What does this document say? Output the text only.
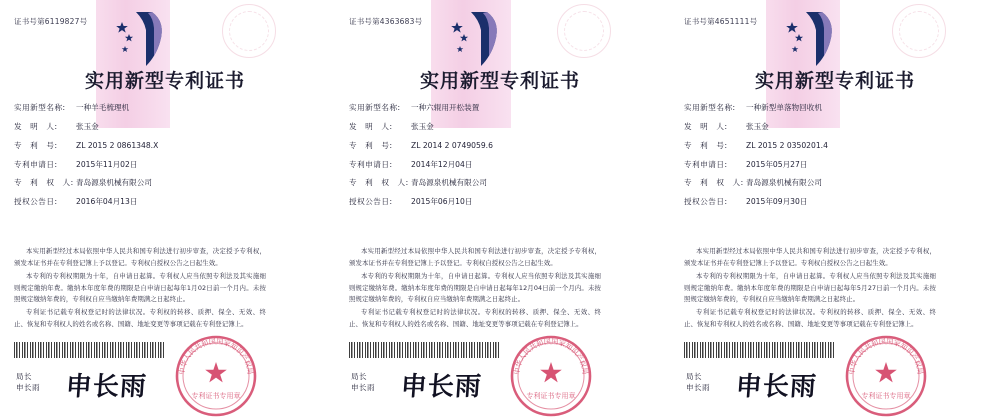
证书号第6119827号
实用新型专利证书
实用新型名称:	一种羊毛梳理机
发　明　人:	张玉金
专　利　号:	ZL 2015 2 0861348.X
专利申请日:	2015年11月02日
专　利　权　人: 青岛源泉机械有限公司
授权公告日:	2016年04月13日

本实用新型经过本局依照中华人民共和国专利法进行初步审查，决定授予专利权，颁发本证书并在专利登记簿上予以登记。专利权自授权公告之日起生效。

本专利的专利权期限为十年，自申请日起算。专利权人应当依照专利法及其实施细则规定缴纳年费。缴纳本年度年费的期限是自申请日起每年1月02日前一个月内。未按照规定缴纳年费的，专利权自应当缴纳年费期满之日起终止。

专利证书记载专利权登记时的法律状况。专利权的转移、质押、保全、无效、终止、恢复和专利权人的姓名或名称、国籍、地址变更等事项记载在专利登记簿上。

局长
申长雨 申长雨
中华人民共和国国家知识产权局
专利证书专用章
证书号第4363683号
实用新型专利证书
实用新型名称:	一种六辊用开松装置
发　明　人:	张玉金
专　利　号:	ZL 2014 2 0749059.6
专利申请日:	2014年12月04日
专　利　权　人: 青岛源泉机械有限公司
授权公告日:	2015年06月10日

本实用新型经过本局依照中华人民共和国专利法进行初步审查，决定授予专利权，颁发本证书并在专利登记簿上予以登记。专利权自授权公告之日起生效。

本专利的专利权期限为十年，自申请日起算。专利权人应当依照专利法及其实施细则规定缴纳年费。缴纳本年度年费的期限是自申请日起每年12月04日前一个月内。未按照规定缴纳年费的，专利权自应当缴纳年费期满之日起终止。

专利证书记载专利权登记时的法律状况。专利权的转移、质押、保全、无效、终止、恢复和专利权人的姓名或名称、国籍、地址变更等事项记载在专利登记簿上。

局长
申长雨 申长雨
中华人民共和国国家知识产权局
专利证书专用章
证书号第4651111号
实用新型专利证书
实用新型名称:	一种新型单落物回收机
发　明　人:	张玉金
专　利　号:	ZL 2015 2 0350201.4
专利申请日:	2015年05月27日
专　利　权　人: 青岛源泉机械有限公司
授权公告日:	2015年09月30日

本实用新型经过本局依照中华人民共和国专利法进行初步审查，决定授予专利权，颁发本证书并在专利登记簿上予以登记。专利权自授权公告之日起生效。

本专利的专利权期限为十年，自申请日起算。专利权人应当依照专利法及其实施细则规定缴纳年费。缴纳本年度年费的期限是自申请日起每年5月27日前一个月内。未按照规定缴纳年费的，专利权自应当缴纳年费期满之日起终止。

专利证书记载专利权登记时的法律状况。专利权的转移、质押、保全、无效、终止、恢复和专利权人的姓名或名称、国籍、地址变更等事项记载在专利登记簿上。

局长
申长雨 申长雨
中华人民共和国国家知识产权局
专利证书专用章
